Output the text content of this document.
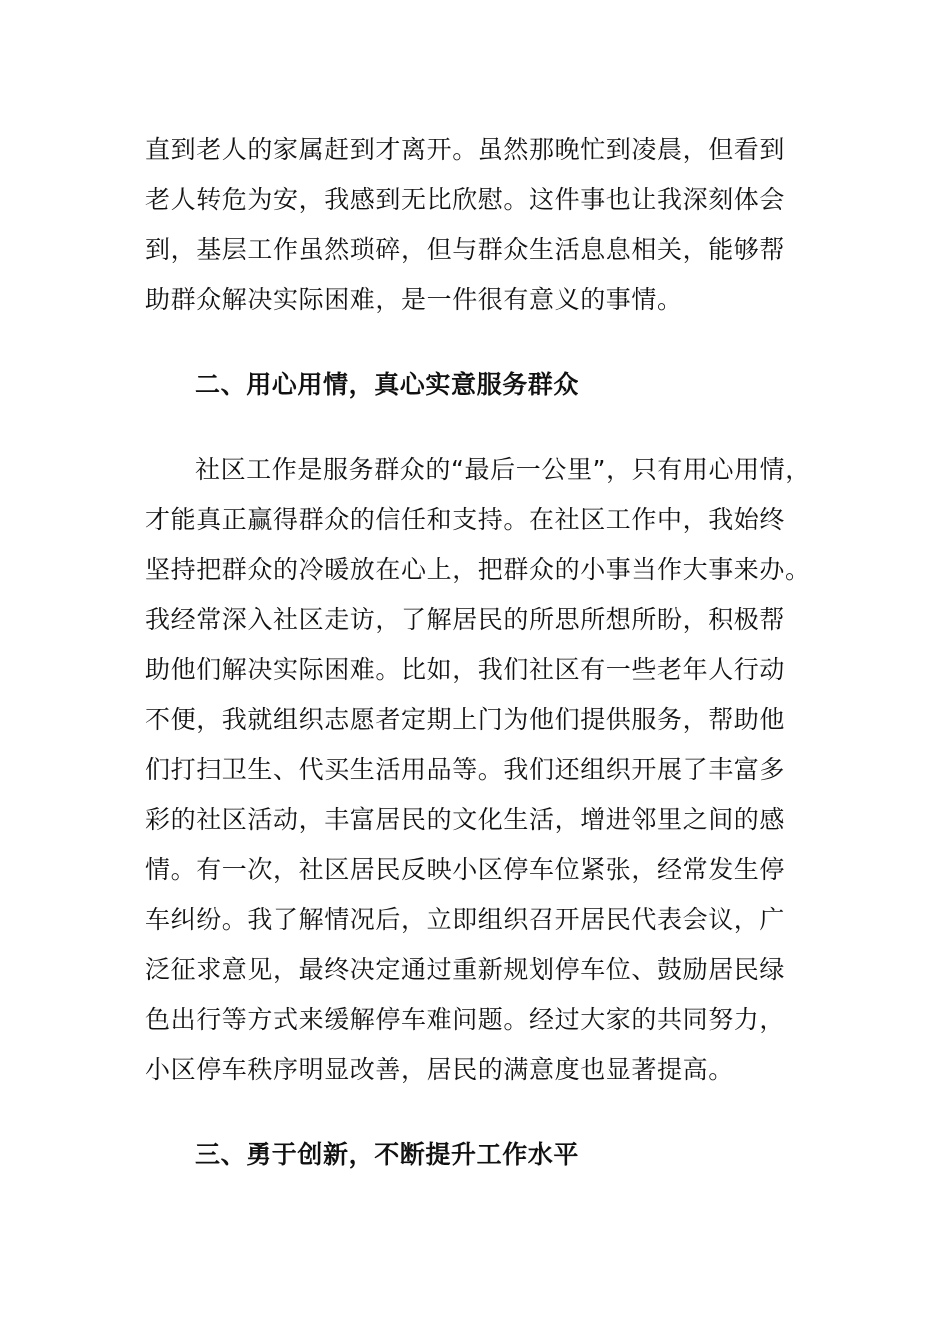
直到老人的家属赶到才离开。虽然那晚忙到凌晨，但看到
老人转危为安，我感到无比欣慰。这件事也让我深刻体会
到，基层工作虽然琐碎，但与群众生活息息相关，能够帮
助群众解决实际困难，是一件很有意义的事情。
二、用心用情，真心实意服务群众
社区工作是服务群众的“最后一公里”，只有用心用情，
才能真正赢得群众的信任和支持。在社区工作中，我始终
坚持把群众的冷暖放在心上，把群众的小事当作大事来办。
我经常深入社区走访，了解居民的所思所想所盼，积极帮
助他们解决实际困难。比如，我们社区有一些老年人行动
不便，我就组织志愿者定期上门为他们提供服务，帮助他
们打扫卫生、代买生活用品等。我们还组织开展了丰富多
彩的社区活动，丰富居民的文化生活，增进邻里之间的感
情。有一次，社区居民反映小区停车位紧张，经常发生停
车纠纷。我了解情况后，立即组织召开居民代表会议，广
泛征求意见，最终决定通过重新规划停车位、鼓励居民绿
色出行等方式来缓解停车难问题。经过大家的共同努力，
小区停车秩序明显改善，居民的满意度也显著提高。
三、勇于创新，不断提升工作水平
